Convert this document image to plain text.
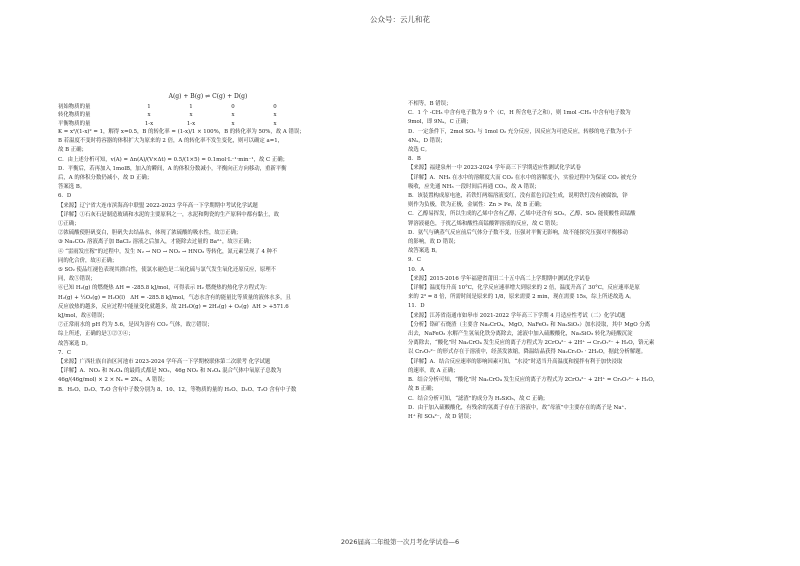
公众号：云儿和花
A(g) + B(g) ⇌ C(g) + D(g)
初始物质的量	1	1	0	0
转化物质的量	x	x	x	x
平衡物质的量	1-x	1-x	x	x

K = x²/(1-x)² = 1，解得 x=0.5，B 的转化率 = (1-x)/1 × 100%，B 的转化率为 50%，故 A 错误；

B 若温度不变时将容器的体积扩大为原来的 2 倍，A 的转化率不发生变化，则可以确定 a=1，

故 B 正确；

C．由上述分析可知，v(A) = Δn(A)/(V×Δt) = 0.5/(1×5) = 0.1mol·L⁻¹·min⁻¹，故 C 正确；

D．平衡后，若再加入 1molB，加入的瞬间，A 的体积分数减小，平衡向正方向移动，重新平衡

后，A 的体积分数仍减小，故 D 正确；

答案选 B。

6．D

【来源】辽宁省大连市滨海高中联盟 2022-2023 学年高一下学期期中考试化学试题

【详解】①石灰石是制造玻璃和水泥的主要原料之一，水泥和陶瓷的生产原料中都有黏土，故

①正确；

②浓硫酸使胆矾变白，胆矾失去结晶水，体现了浓硫酸的吸水性，故②正确；

③ Na₂CO₃ 溶液离子加 BaCl₂ 溶液之后加入，才能除去过量的 Ba²⁺，故③正确；

④ “雷雨发庄稼”的过程中，发生 N₂ → NO → NO₂ → HNO₃ 等转化，氮元素呈现了 4 种不

同的化合价，故④正确；

⑤ SO₂ 使品红褪色表现其漂白性，使氯水褪色是二氧化硫与氯气发生氧化还原反应，原理不

同，故⑤错误；

⑥已知 H₂(g) 的燃烧热 ΔH = -285.8 kJ/mol，可得表示 H₂ 燃烧热的热化学方程式为：

H₂(g) + ½O₂(g) = H₂O(l)   ΔH = -285.8 kJ/mol，气态水含有的能量比等质量的液体水多，且

反应放热的越多，反应过程中能量变化就越多，故 2H₂O(g) = 2H₂(g) + O₂(g)  ΔH > +571.6

kJ/mol，故⑥错误；

⑦正常雨水的 pH 约为 5.6，是因为溶有 CO₂ 气体，故⑦错误；

综上所述，正确的是①②③④；

故答案选 D。

7．C

【来源】广西壮族自治区河池市 2023-2024 学年高一下学期校联体第二次联考 化学试题

【详解】A．NO₂ 和 N₂O₄ 的最简式都是 NO₂，46g NO₂ 和 N₂O₄ 混合气体中氧原子总数为

46g/(46g/mol) × 2 × Nₐ = 2Nₐ，A 错误；

B．H₂O、D₂O、T₂O 含有中子数分别为 8、10、12，等物质的量的 H₂O、D₂O、T₂O 含有中子数

不相等，B 错误；

C．1 个 -CH₃ 中含有电子数为 9 个（C，H 所含电子之和），则 1mol -CH₃ 中含有电子数为

9mol，即 9Nₐ，C 正确；

D．一定条件下，2mol SO₂ 与 1mol O₂ 充分反应，因反应为可逆反应，转移的电子数为小于

4Nₐ，D 错误；

故选 C。

8．B

【来源】福建泉州一中 2023-2024 学年高三下学期适应性测试化学试卷

【详解】A．NH₃ 在水中的溶解度大而 CO₂ 在水中的溶解度小，实验过程中为保证 CO₂ 被充分

吸收，应先通 NH₃ 一段时间后再通 CO₂，故 A 错误；

B．该装置构成原电池，若铁钉两端溶液变红，没有蓝色沉淀生成，说明铁钉没有被腐蚀，锌

则作为负极，铁为正极，金属性：Zn > Fe，故 B 正确；

C．乙醇易挥发，所以生成的乙烯中含有乙醇，乙烯中还含有 SO₂，乙醇、SO₂ 能使酸性高锰酸

钾溶液褪色，于扰乙烯和酸性高锰酸钾溶液的反应，故 C 错误；

D．氨气与碘蒸气反应前后气体分子数不变，压强对平衡无影响，故不能探究压强对平衡移动

的影响，故 D 错误；

故答案选 B。

9．C

10．A

【来源】2015-2016 学年福建省莆田二十五中高二上学期期中测试化学试卷

【详解】温度每升高 10°C，化学反应速率增大到原来的 2 倍，温度升高了 30°C，反应速率是原

来的 2³ = 8 倍，所需时间是原来的 1/8，原来需要 2 min，现在需要 15s，综上所述故选 A。

11．D

【来源】江苏省南通市如皋市 2021-2022 学年高三下学期 4 月适应性考试（二）化学试题

【分析】铬矿石烧渣（主要含 Na₂CrO₄，MgO，NaFeO₂ 和 Na₂SiO₃）加水浸取，其中 MgO 分离

出去，NaFeO₂ 水解产生氢氧化铁分离除去，滤液中加入硫酸酸化，Na₂SiO₃ 转化为硅酸沉淀

分离除去，“酸化”时 Na₂CrO₄ 发生反应的离子方程式为 2CrO₄²⁻ + 2H⁺ → Cr₂O₇²⁻ + H₂O，铬元素

以 Cr₂O₇²⁻ 的形式存在于溶液中，经蒸发浓缩，降温结晶获得 Na₂Cr₂O₇ · 2H₂O，据此分析解题。

【详解】A．结合反应速率的影响因素可知，“水浸”时适当升高温度和搅拌有利于加快浸取

的速率，故 A 正确；

B．结合分析可知，“酸化”时 Na₂CrO₄ 发生反应的离子方程式为 2CrO₄²⁻ + 2H⁺ = Cr₂O₇²⁻ + H₂O，

故 B 正确；

C．结合分析可知，“滤渣”的成分为 H₂SiO₃，故 C 正确；

D．由于加入硫酸酸化，有残余的氢离子存在于溶液中，故“母液”中主要存在的离子是 Na⁺、

H⁺ 和 SO₄²⁻，故 D 错误；

2026届高二年级第一次月考化学试卷—6
